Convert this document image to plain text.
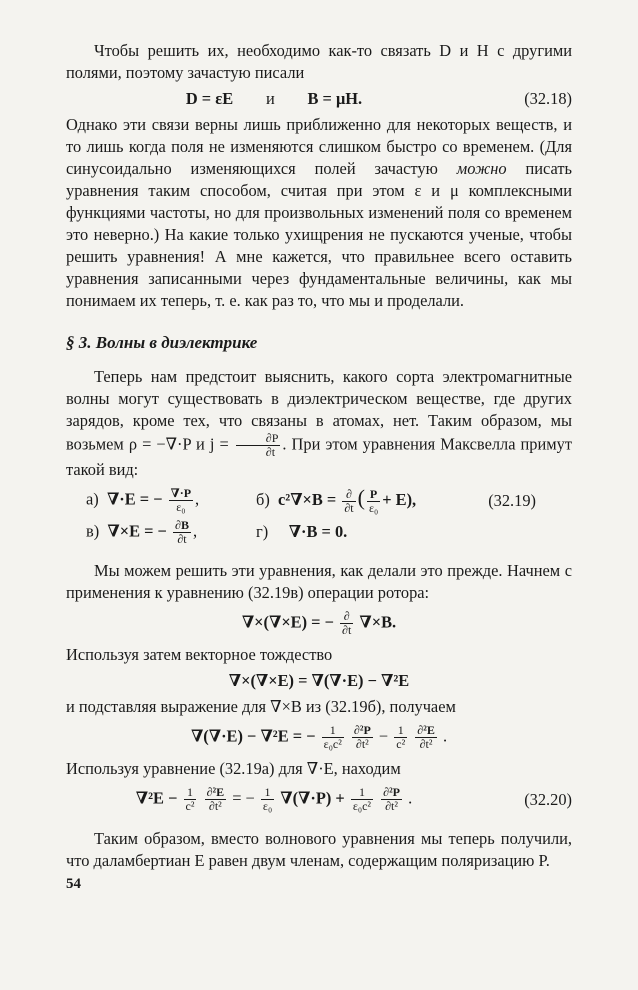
Чтобы решить их, необходимо как-то связать D и H с другими полями, поэтому зачастую писали

D = εE и B = μH.	(32.18)

Однако эти связи верны лишь приближенно для некоторых веществ, и то лишь когда поля не изменяются слишком быстро со временем. (Для синусоидально изменяющихся полей зачастую можно писать уравнения таким способом, считая при этом ε и μ комплексными функциями частоты, но для произвольных изменений поля со временем это неверно.) На какие только ухищрения не пускаются ученые, чтобы решить уравнения! А мне кажется, что правильнее всего оставить уравнения записанными через фундаментальные величины, как мы понимаем их теперь, т. е. как раз то, что мы и проделали.

§ 3. Волны в диэлектрике

Теперь нам предстоит выяснить, какого сорта электромагнитные волны могут существовать в диэлектрическом веществе, где других зарядов, кроме тех, что связаны в атомах, нет. Таким образом, мы возьмем ρ = −∇·P и $j = \frac{\partial P}{\partial t}$ . При этом уравнения Максвелла примут такой вид:

а) ∇·E = − $\frac{\nabla\cdot P}{\text{ε₀}}$ ,	б) $c^2\nabla\times B = \frac{\partial}{\partial t}$ ( $\frac{P}{\text{ε₀}} + E$),	(32.19)
в) ∇×E = − $\frac{\partial B}{\partial t}$ ,	г) ∇·B = 0.

Мы можем решить эти уравнения, как делали это прежде. Начнем с применения к уравнению (32.19в) операции ротора:

∇×(∇×E) = − $\frac{\partial}{\partial t} \nabla\times B$.

Используя затем векторное тождество

∇×(∇×E) = ∇(∇·E) − ∇²E

и подставляя выражение для ∇×B из (32.19б), получаем

∇(∇·E) − ∇²E = − $\frac{1}{\text{ε₀c²}}$
$\frac{\text{∂²P}}{\text{∂t²}} - \frac{1}{\text{c²}}$
$\frac{\text{∂²E}}{\text{∂t²}}$ .

Используя уравнение (32.19а) для ∇·E, находим

$\nabla^2E - \frac{1}{\text{c²}}$
$\frac{\text{∂²E}}{\text{∂t²}}$ = − $\frac{1}{\text{ε₀}} \nabla(\nabla\cdot P) + \frac{1}{\text{ε₀c²}}$
$\frac{\text{∂²P}}{\text{∂t²}}$ .	(32.20)

Таким образом, вместо волнового уравнения мы теперь получили, что даламбертиан E равен двум членам, содержащим поляризацию P.

54
